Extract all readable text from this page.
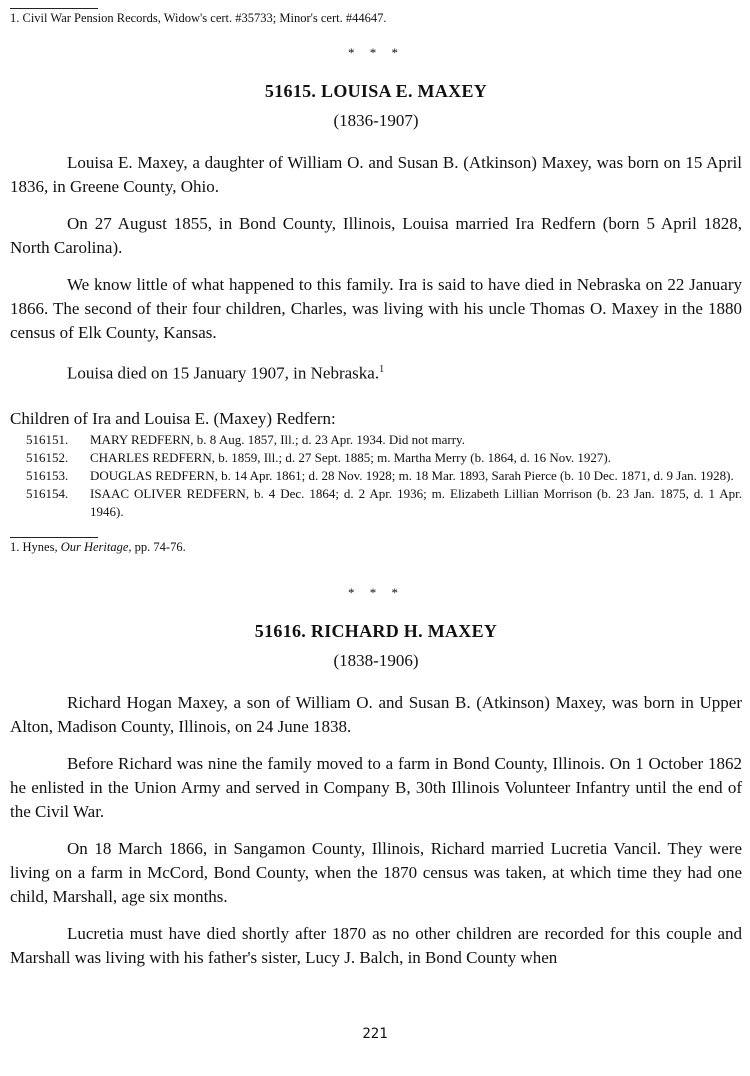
1. Civil War Pension Records, Widow's cert. #35733; Minor's cert. #44647.

* * *

51615. LOUISA E. MAXEY

(1836-1907)

Louisa E. Maxey, a daughter of William O. and Susan B. (Atkinson) Maxey, was born on 15 April 1836, in Greene County, Ohio.

On 27 August 1855, in Bond County, Illinois, Louisa married Ira Redfern (born 5 April 1828, North Carolina).

We know little of what happened to this family. Ira is said to have died in Nebraska on 22 January 1866. The second of their four children, Charles, was living with his uncle Thomas O. Maxey in the 1880 census of Elk County, Kansas.

Louisa died on 15 January 1907, in Nebraska.$^1$

Children of Ira and Louisa E. (Maxey) Redfern:

516151. MARY REDFERN, b. 8 Aug. 1857, Ill.; d. 23 Apr. 1934. Did not marry.

516152. CHARLES REDFERN, b. 1859, Ill.; d. 27 Sept. 1885; m. Martha Merry (b. 1864, d. 16 Nov. 1927).

516153. DOUGLAS REDFERN, b. 14 Apr. 1861; d. 28 Nov. 1928; m. 18 Mar. 1893, Sarah Pierce (b. 10 Dec. 1871, d. 9 Jan. 1928).

516154. ISAAC OLIVER REDFERN, b. 4 Dec. 1864; d. 2 Apr. 1936; m. Elizabeth Lillian Morrison (b. 23 Jan. 1875, d. 1 Apr. 1946).

1. Hynes, Our Heritage, pp. 74-76.

* * *

51616. RICHARD H. MAXEY

(1838-1906)

Richard Hogan Maxey, a son of William O. and Susan B. (Atkinson) Maxey, was born in Upper Alton, Madison County, Illinois, on 24 June 1838.

Before Richard was nine the family moved to a farm in Bond County, Illinois. On 1 October 1862 he enlisted in the Union Army and served in Company B, 30th Illinois Volunteer Infantry until the end of the Civil War.

On 18 March 1866, in Sangamon County, Illinois, Richard married Lucretia Vancil. They were living on a farm in McCord, Bond County, when the 1870 census was taken, at which time they had one child, Marshall, age six months.

Lucretia must have died shortly after 1870 as no other children are recorded for this couple and Marshall was living with his father's sister, Lucy J. Balch, in Bond County when

221
